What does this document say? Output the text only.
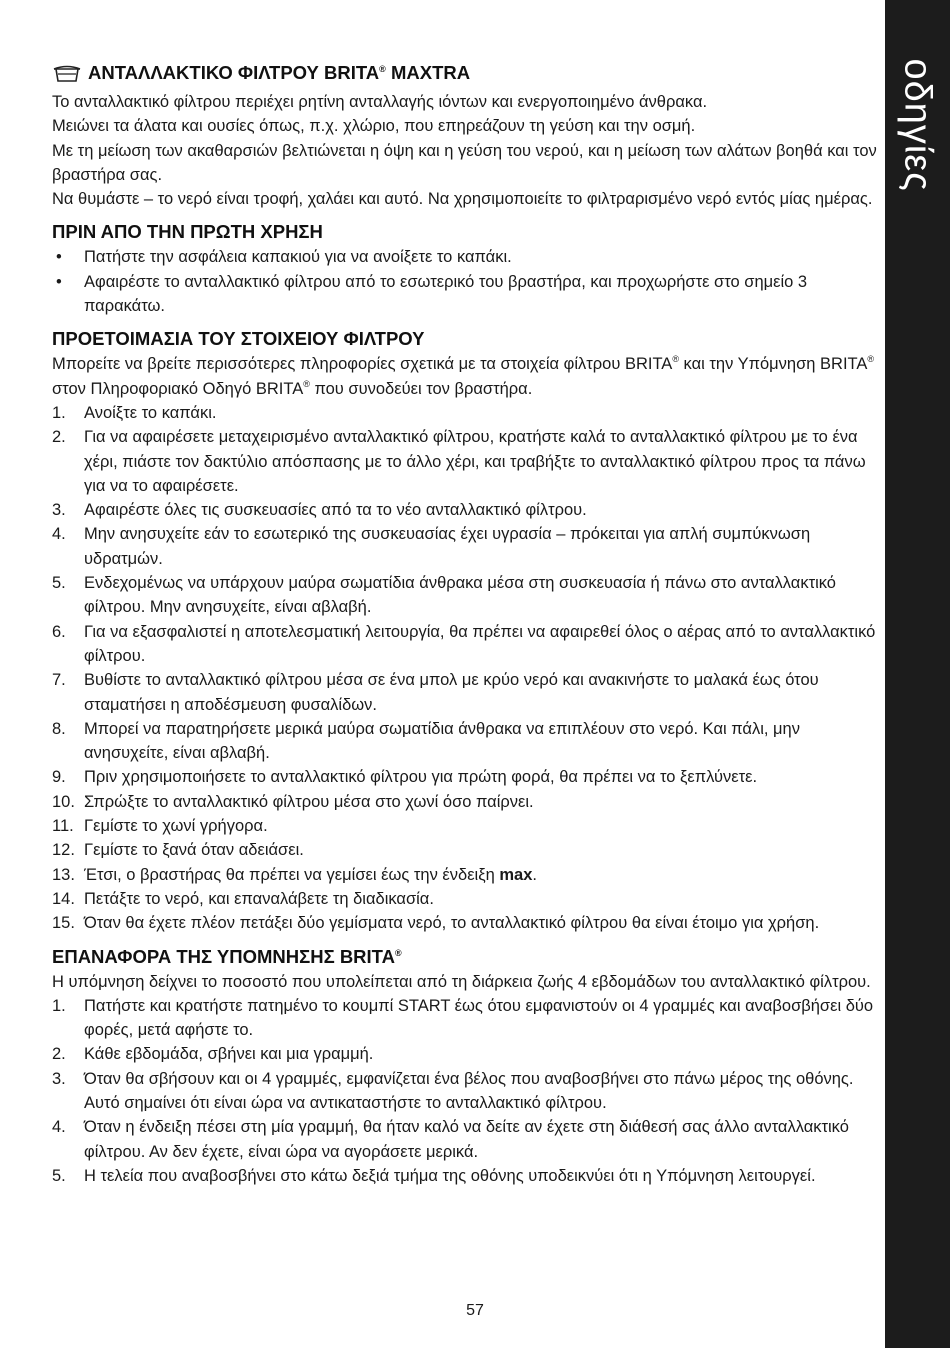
οδηγίες
ΑΝΤΑΛΛΑΚΤΙΚΟ ΦΙΛΤΡΟΥ BRITA® MAXTRA

Το ανταλλακτικό φίλτρου περιέχει ρητίνη ανταλλαγής ιόντων και ενεργοποιημένο άνθρακα.

Μειώνει τα άλατα και ουσίες όπως, π.χ. χλώριο, που επηρεάζουν τη γεύση και την οσμή.

Με τη μείωση των ακαθαρσιών βελτιώνεται η όψη και η γεύση του νερού, και η μείωση των αλάτων βοηθά και τον βραστήρα σας.

Να θυμάστε – το νερό είναι τροφή, χαλάει και αυτό. Να χρησιμοποιείτε το φιλτραρισμένο νερό εντός μίας ημέρας.

ΠΡΙΝ ΑΠΟ ΤΗΝ ΠΡΩΤΗ ΧΡΗΣΗ
• Πατήστε την ασφάλεια καπακιού για να ανοίξετε το καπάκι.
• Αφαιρέστε το ανταλλακτικό φίλτρου από το εσωτερικό του βραστήρα, και προχωρήστε στο σημείο 3 παρακάτω.
ΠΡΟΕΤΟΙΜΑΣΙΑ ΤΟΥ ΣΤΟΙΧΕΙΟΥ ΦΙΛΤΡΟΥ

Μπορείτε να βρείτε περισσότερες πληροφορίες σχετικά με τα στοιχεία φίλτρου BRITA® και την Υπόμνηση BRITA® στον Πληροφοριακό Οδηγό BRITA® που συνοδεύει τον βραστήρα.

1. Ανοίξτε το καπάκι.
2. Για να αφαιρέσετε μεταχειρισμένο ανταλλακτικό φίλτρου, κρατήστε καλά το ανταλλακτικό φίλτρου με το ένα χέρι, πιάστε τον δακτύλιο απόσπασης με το άλλο χέρι, και τραβήξτε το ανταλλακτικό φίλτρου προς τα πάνω για να το αφαιρέσετε.
3. Αφαιρέστε όλες τις συσκευασίες από τα το νέο ανταλλακτικό φίλτρου.
4. Μην ανησυχείτε εάν το εσωτερικό της συσκευασίας έχει υγρασία – πρόκειται για απλή συμπύκνωση υδρατμών.
5. Ενδεχομένως να υπάρχουν μαύρα σωματίδια άνθρακα μέσα στη συσκευασία ή πάνω στο ανταλλακτικό φίλτρου. Μην ανησυχείτε, είναι αβλαβή.
6. Για να εξασφαλιστεί η αποτελεσματική λειτουργία, θα πρέπει να αφαιρεθεί όλος ο αέρας από το ανταλλακτικό φίλτρου.
7. Βυθίστε το ανταλλακτικό φίλτρου μέσα σε ένα μπολ με κρύο νερό και ανακινήστε το μαλακά έως ότου σταματήσει η αποδέσμευση φυσαλίδων.
8. Μπορεί να παρατηρήσετε μερικά μαύρα σωματίδια άνθρακα να επιπλέουν στο νερό. Και πάλι, μην ανησυχείτε, είναι αβλαβή.
9. Πριν χρησιμοποιήσετε το ανταλλακτικό φίλτρου για πρώτη φορά, θα πρέπει να το ξεπλύνετε.
10. Σπρώξτε το ανταλλακτικό φίλτρου μέσα στο χωνί όσο παίρνει.
11. Γεμίστε το χωνί γρήγορα.
12. Γεμίστε το ξανά όταν αδειάσει.
13. Έτσι, ο βραστήρας θα πρέπει να γεμίσει έως την ένδειξη max.
14. Πετάξτε το νερό, και επαναλάβετε τη διαδικασία.
15. Όταν θα έχετε πλέον πετάξει δύο γεμίσματα νερό, το ανταλλακτικό φίλτρου θα είναι έτοιμο για χρήση.
ΕΠΑΝΑΦΟΡΑ ΤΗΣ ΥΠΟΜΝΗΣΗΣ BRITA®

Η υπόμνηση δείχνει το ποσοστό που υπολείπεται από τη διάρκεια ζωής 4 εβδομάδων του ανταλλακτικό φίλτρου.

1. Πατήστε και κρατήστε πατημένο το κουμπί START έως ότου εμφανιστούν οι 4 γραμμές και αναβοσβήσει δύο φορές, μετά αφήστε το.
2. Κάθε εβδομάδα, σβήνει και μια γραμμή.
3. Όταν θα σβήσουν και οι 4 γραμμές, εμφανίζεται ένα βέλος που αναβοσβήνει στο πάνω μέρος της οθόνης. Αυτό σημαίνει ότι είναι ώρα να αντικαταστήστε το ανταλλακτικό φίλτρου.
4. Όταν η ένδειξη πέσει στη μία γραμμή, θα ήταν καλό να δείτε αν έχετε στη διάθεσή σας άλλο ανταλλακτικό φίλτρου. Αν δεν έχετε, είναι ώρα να αγοράσετε μερικά.
5. Η τελεία που αναβοσβήνει στο κάτω δεξιά τμήμα της οθόνης υποδεικνύει ότι η Υπόμνηση λειτουργεί.
57
